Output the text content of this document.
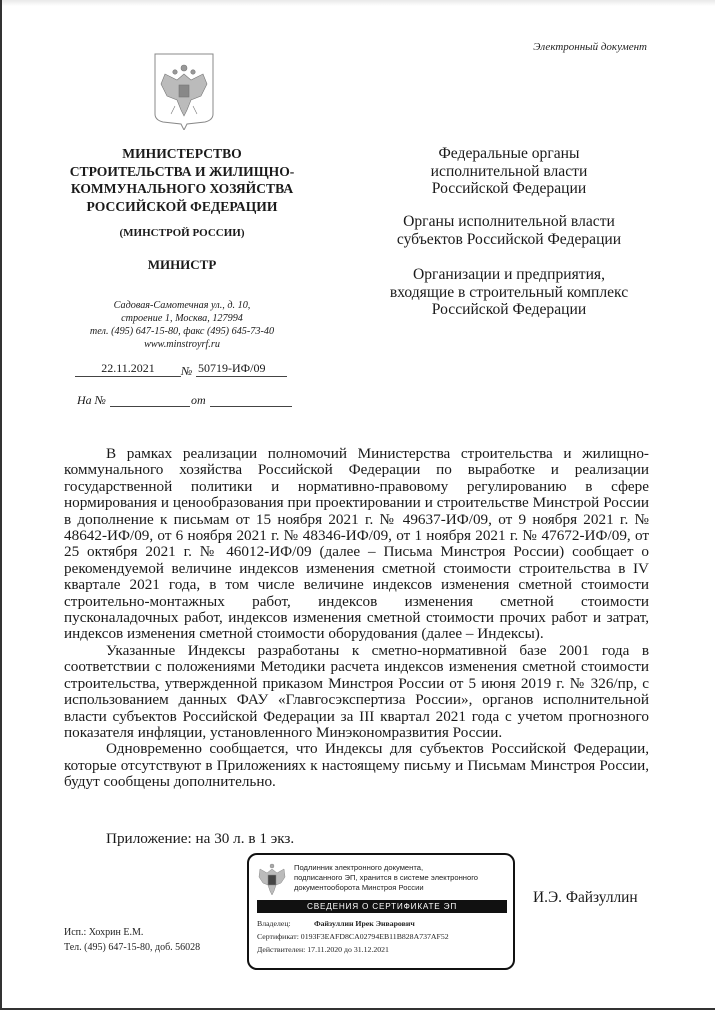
Электронный документ
МИНИСТЕРСТВО
СТРОИТЕЛЬСТВА И ЖИЛИЩНО-
КОММУНАЛЬНОГО ХОЗЯЙСТВА
РОССИЙСКОЙ ФЕДЕРАЦИИ
(МИНСТРОЙ РОССИИ)
МИНИСТР
Садовая-Самотечная ул., д. 10,
строение 1, Москва, 127994
тел. (495) 647-15-80, факс (495) 645-73-40
www.minstroyrf.ru
22.11.2021	№ 50719-ИФ/09
На №	от
Федеральные органы
исполнительной власти
Российской Федерации
Органы исполнительной власти
субъектов Российской Федерации
Организации и предприятия,
входящие в строительный комплекс
Российской Федерации

В рамках реализации полномочий Министерства строительства и жилищно-коммунального хозяйства Российской Федерации по выработке и реализации государственной политики и нормативно-правовому регулированию в сфере нормирования и ценообразования при проектировании и строительстве Минстрой России в дополнение к письмам от 15 ноября 2021 г. № 49637-ИФ/09, от 9 ноября 2021 г. № 48642-ИФ/09, от 6 ноября 2021 г. № 48346-ИФ/09, от 1 ноября 2021 г. № 47672-ИФ/09, от 25 октября 2021 г. № 46012-ИФ/09 (далее – Письма Минстроя России) сообщает о рекомендуемой величине индексов изменения сметной стоимости строительства в IV квартале 2021 года, в том числе величине индексов изменения сметной стоимости строительно-монтажных работ, индексов изменения сметной стоимости пусконаладочных работ, индексов изменения сметной стоимости прочих работ и затрат, индексов изменения сметной стоимости оборудования (далее – Индексы).

Указанные Индексы разработаны к сметно-нормативной базе 2001 года в соответствии с положениями Методики расчета индексов изменения сметной стоимости строительства, утвержденной приказом Минстроя России от 5 июня 2019 г. № 326/пр, с использованием данных ФАУ «Главгосэкспертиза России», органов исполнительной власти субъектов Российской Федерации за III квартал 2021 года с учетом прогнозного показателя инфляции, установленного Минэкономразвития России.

Одновременно сообщается, что Индексы для субъектов Российской Федерации, которые отсутствуют в Приложениях к настоящему письму и Письмам Минстроя России, будут сообщены дополнительно.

Приложение: на 30 л. в 1 экз.
Подлинник электронного документа,
подписанного ЭП, хранится в системе электронного
документооборота Минстроя России
СВЕДЕНИЯ О СЕРТИФИКАТЕ ЭП
Владелец:	Файзуллин Ирек Энварович
Сертификат: 0193F3EAFD8CA02794EB11B828A737AF52
Действителен: 17.11.2020 до 31.12.2021
И.Э. Файзуллин
Исп.: Хохрин Е.М.
Тел. (495) 647-15-80, доб. 56028
